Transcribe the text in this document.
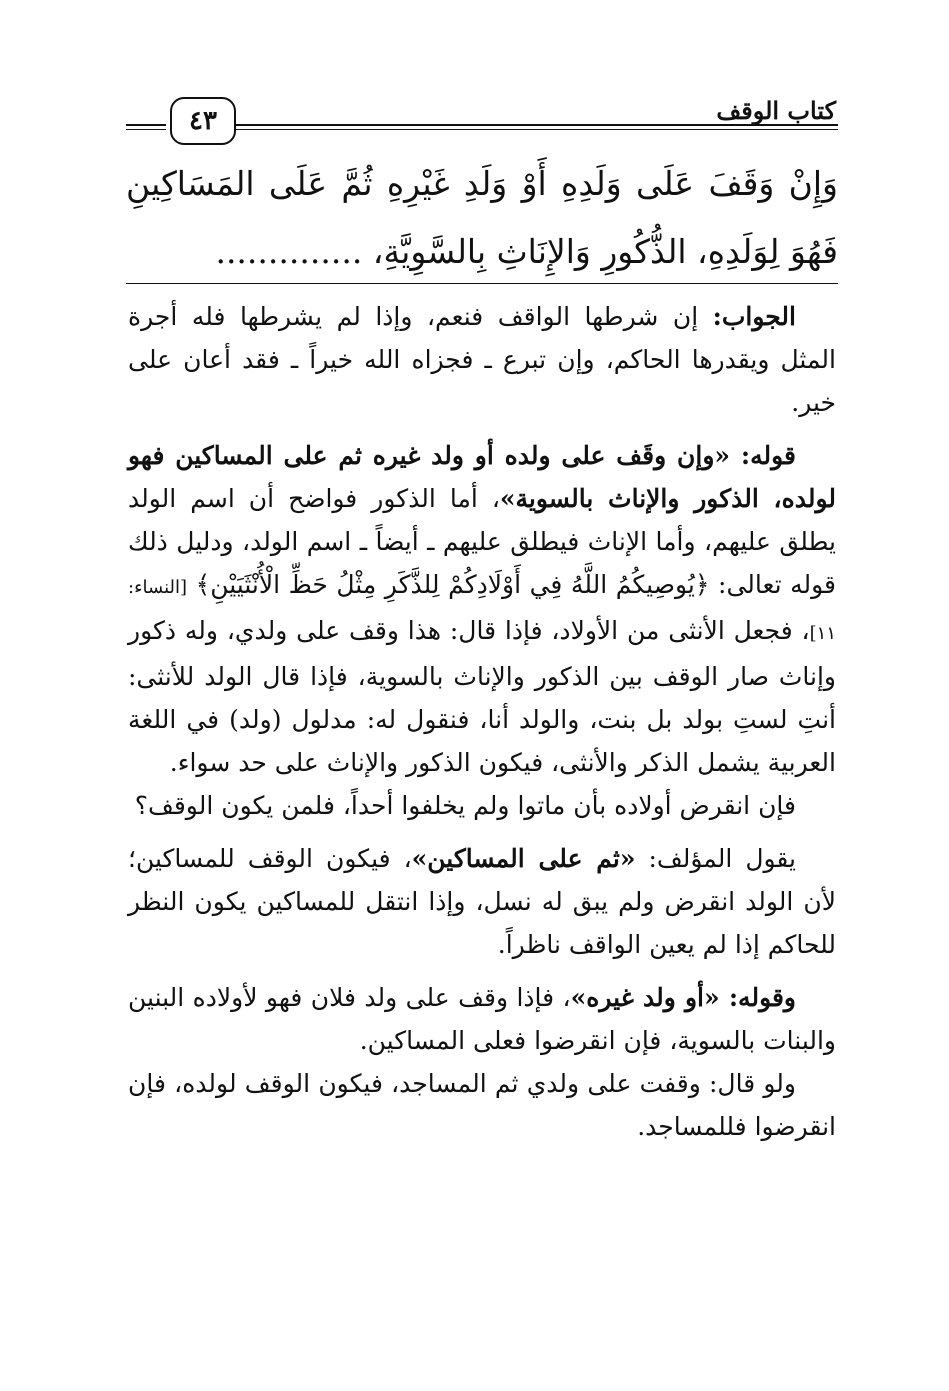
كتاب الوقف
٤٣
وَإِنْ وَقَفَ عَلَى وَلَدِهِ أَوْ وَلَدِ غَيْرِهِ ثُمَّ عَلَى المَسَاكِينِ فَهُوَ لِوَلَدِهِ، الذُّكُورِ وَالإِنَاثِ بِالسَّوِيَّةِ، ..............

الجواب: إن شرطها الواقف فنعم، وإذا لم يشرطها فله أجرة المثل ويقدرها الحاكم، وإن تبرع ـ فجزاه الله خيراً ـ فقد أعان على خير.

قوله: «وإن وقَف على ولده أو ولد غيره ثم على المساكين فهو لولده، الذكور والإناث بالسوية»، أما الذكور فواضح أن اسم الولد يطلق عليهم، وأما الإناث فيطلق عليهم ـ أيضاً ـ اسم الولد، ودليل ذلك قوله تعالى: ﴿يُوصِيكُمُ اللَّهُ فِي أَوْلَادِكُمْ لِلذَّكَرِ مِثْلُ حَظِّ الْأُنْثَيَيْنِ﴾ [النساء: ١١]، فجعل الأنثى من الأولاد، فإذا قال: هذا وقف على ولدي، وله ذكور وإناث صار الوقف بين الذكور والإناث بالسوية، فإذا قال الولد للأنثى: أنتِ لستِ بولد بل بنت، والولد أنا، فنقول له: مدلول (ولد) في اللغة العربية يشمل الذكر والأنثى، فيكون الذكور والإناث على حد سواء.

فإن انقرض أولاده بأن ماتوا ولم يخلفوا أحداً، فلمن يكون الوقف؟

يقول المؤلف: «ثم على المساكين»، فيكون الوقف للمساكين؛ لأن الولد انقرض ولم يبق له نسل، وإذا انتقل للمساكين يكون النظر للحاكم إذا لم يعين الواقف ناظراً.

وقوله: «أو ولد غيره»، فإذا وقف على ولد فلان فهو لأولاده البنين والبنات بالسوية، فإن انقرضوا فعلى المساكين.

ولو قال: وقفت على ولدي ثم المساجد، فيكون الوقف لولده، فإن انقرضوا فللمساجد.
